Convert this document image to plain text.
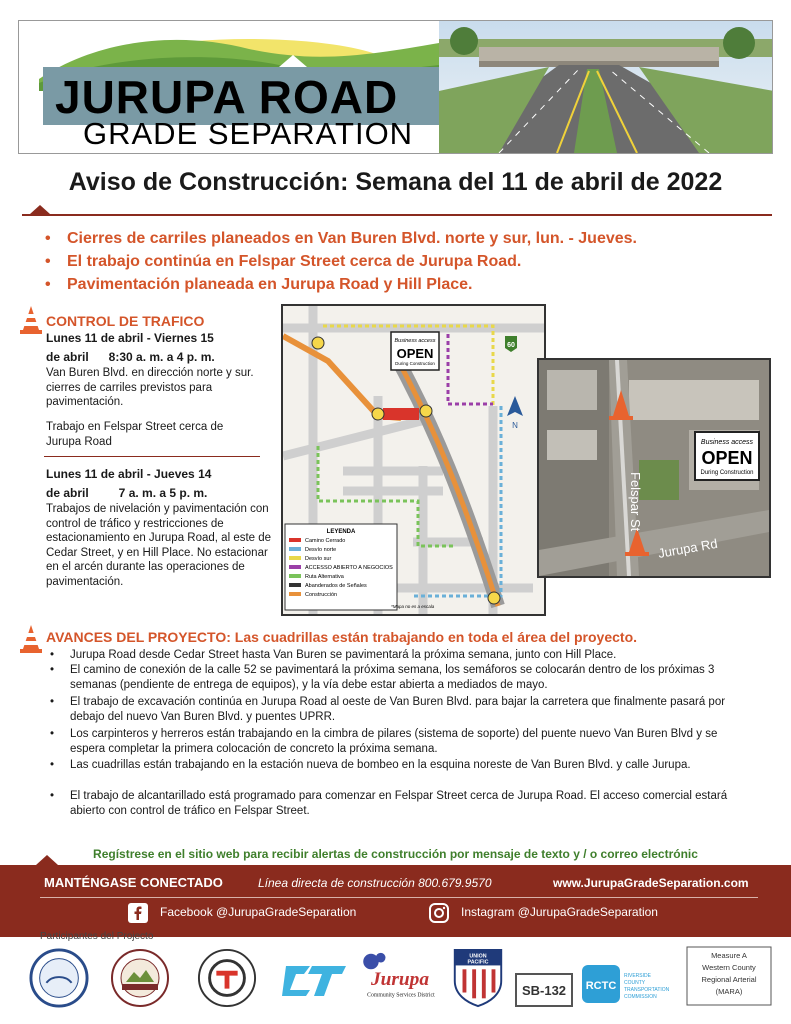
JURUPA ROAD
GRADE SEPARATION
Aviso de Construcción: Semana del 11 de abril de 2022
• Cierres de carriles planeados en Van Buren Blvd. norte y sur, lun. - Jueves.
• El trabajo continúa en Felspar Street cerca de Jurupa Road.
• Pavimentación planeada en Jurupa Road y Hill Place.
CONTROL DE TRAFICO
Lunes 11 de abril - Viernes 15
de abril      8:30 a. m. a 4 p. m.
Van Buren Blvd. en dirección norte y sur. cierres de carriles previstos para pavimentación.
Trabajo en Felspar Street cerca de Jurupa Road
Lunes 11 de abril - Jueves 14
de abril         7 a. m. a 5 p. m.
Trabajos de nivelación y pavimentación con control de tráfico y restricciones de estacionamiento en Jurupa Road, al este de Cedar Street, y en Hill Place. No estacionar en el arcén durante las operaciones de pavimentación.
Business access
OPEN
During Construction
60
N
LEYENDA
Camino Cerrado
Desvío norte
Desvío sur
ACCESSO ABIERTO A NEGOCIOS
Ruta Alternativa
Abanderados de Señales
Construcción
*Mapa no es a escala
Business access
OPEN
During Construction
Felspar St
Jurupa Rd
AVANCES DEL PROYECTO: Las cuadrillas están trabajando en toda el área del proyecto.
• Jurupa Road desde Cedar Street hasta Van Buren se pavimentará la próxima semana, junto con Hill Place.
• El camino de conexión de la calle 52 se pavimentará la próxima semana, los semáforos se colocarán dentro de los próximas 3 semanas (pendiente de entrega de equipos), y la vía debe estar abierta a mediados de mayo.
• El trabajo de excavación continúa en Jurupa Road al oeste de Van Buren Blvd. para bajar la carretera que finalmente pasará por debajo del nuevo Van Buren Blvd. y puentes UPRR.
• Los carpinteros y herreros están trabajando en la cimbra de pilares (sistema de soporte) del puente nuevo Van Buren Blvd y se espera completar la primera colocación de concreto la próxima semana.
• Las cuadrillas están trabajando en la estación nueva de bombeo en la esquina noreste de Van Buren Blvd. y calle Jurupa.
• El trabajo de alcantarillado está programado para comenzar en Felspar Street cerca de Jurupa Road. El acceso comercial estará abierto con control de tráfico en Felspar Street.
Regístrese en el sitio web para recibir alertas de construcción por mensaje de texto y / o correo electrónic
MANTÉNGASE CONECTADO	Línea directa de construcción 800.679.9570	www.JurupaGradeSeparation.com
Facebook @JurupaGradeSeparation	Instagram @JurupaGradeSeparation
Participantes del Projecto
Jurupa
Community Services District
UNION
PACIFIC
SB-132 RCTC
RIVERSIDE
COUNTY
TRANSPORTATION
COMMISSION
Measure A
Western County
Regional Arterial
(MARA)
